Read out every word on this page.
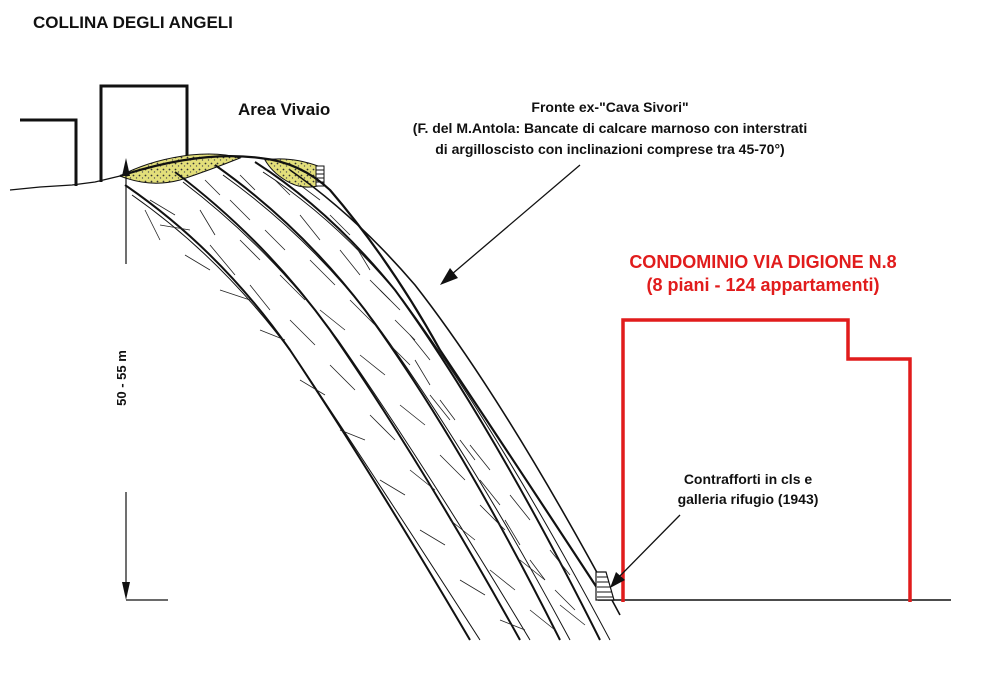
COLLINA DEGLI ANGELI
Area Vivaio
CONDOMINIO VIA DIGIONE N.8
(8 piani - 124 appartamenti)
Fronte ex-"Cava Sivori"
(F. del M.Antola: Bancate di calcare marnoso con interstrati
di argilloscisto con inclinazioni comprese tra 45-70°)
Contrafforti in cls e
galleria rifugio (1943)
50 - 55 m
